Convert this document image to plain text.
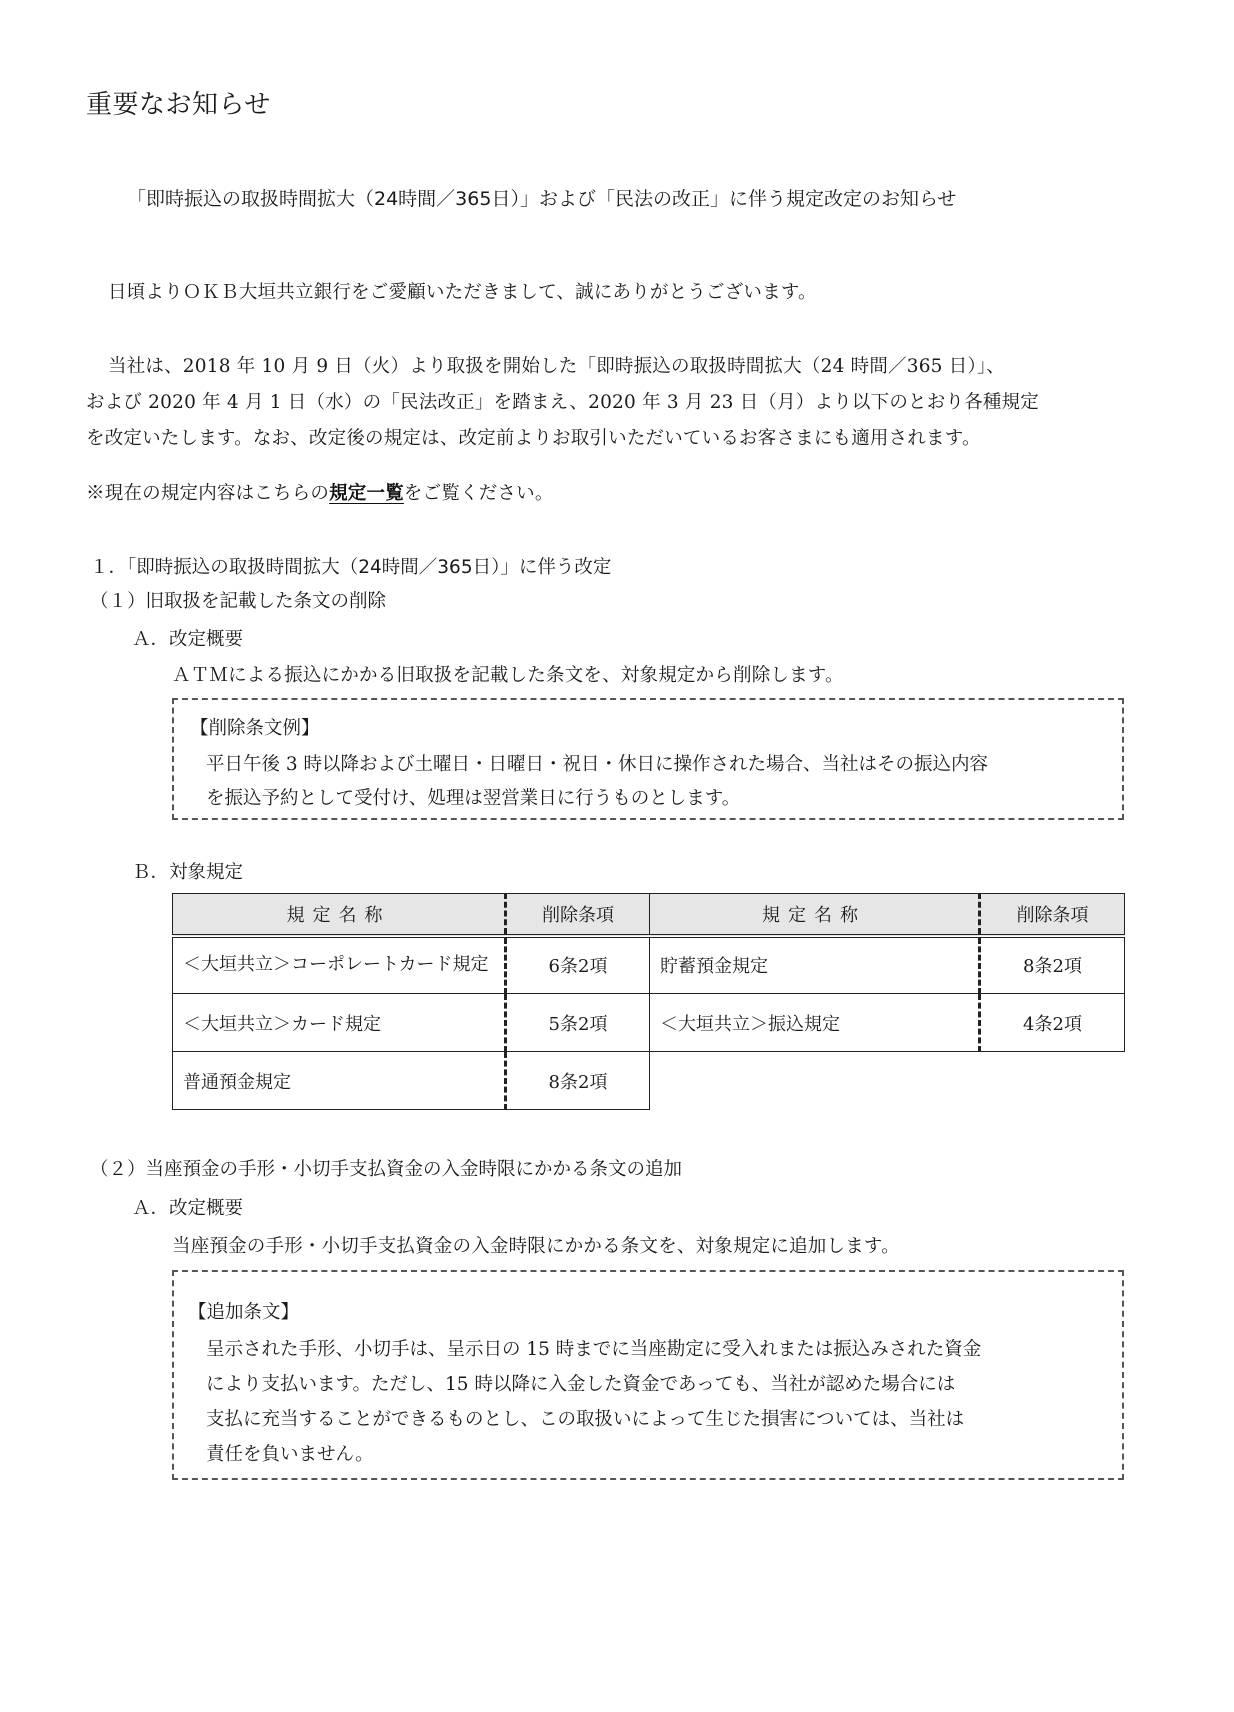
重要なお知らせ
「即時振込の取扱時間拡大（24時間／365日）」および「民法の改正」に伴う規定改定のお知らせ
日頃よりＯＫＢ大垣共立銀行をご愛顧いただきまして、誠にありがとうございます。
当社は、2018 年 10 月 9 日（火）より取扱を開始した「即時振込の取扱時間拡大（24 時間／365 日）」、
および 2020 年 4 月 1 日（水）の「民法改正」を踏まえ、2020 年 3 月 23 日（月）より以下のとおり各種規定
を改定いたします。なお、改定後の規定は、改定前よりお取引いただいているお客さまにも適用されます。
※現在の規定内容はこちらの規定一覧をご覧ください。
１．「即時振込の取扱時間拡大（24時間／365日）」に伴う改定
（１）旧取扱を記載した条文の削除
Ａ．改定概要
ＡＴＭによる振込にかかる旧取扱を記載した条文を、対象規定から削除します。
【削除条文例】
平日午後 3 時以降および土曜日・日曜日・祝日・休日に操作された場合、当社はその振込内容
を振込予約として受付け、処理は翌営業日に行うものとします。
Ｂ．対象規定
規定名称	削除条項	規定名称	削除条項
＜大垣共立＞コーポレートカード規定	6条2項	貯蓄預金規定	8条2項
＜大垣共立＞カード規定	5条2項	＜大垣共立＞振込規定	4条2項
普通預金規定	8条2項		
（２）当座預金の手形・小切手支払資金の入金時限にかかる条文の追加
Ａ．改定概要
当座預金の手形・小切手支払資金の入金時限にかかる条文を、対象規定に追加します。
【追加条文】
呈示された手形、小切手は、呈示日の 15 時までに当座勘定に受入れまたは振込みされた資金
により支払います。ただし、15 時以降に入金した資金であっても、当社が認めた場合には
支払に充当することができるものとし、この取扱いによって生じた損害については、当社は
責任を負いません。
